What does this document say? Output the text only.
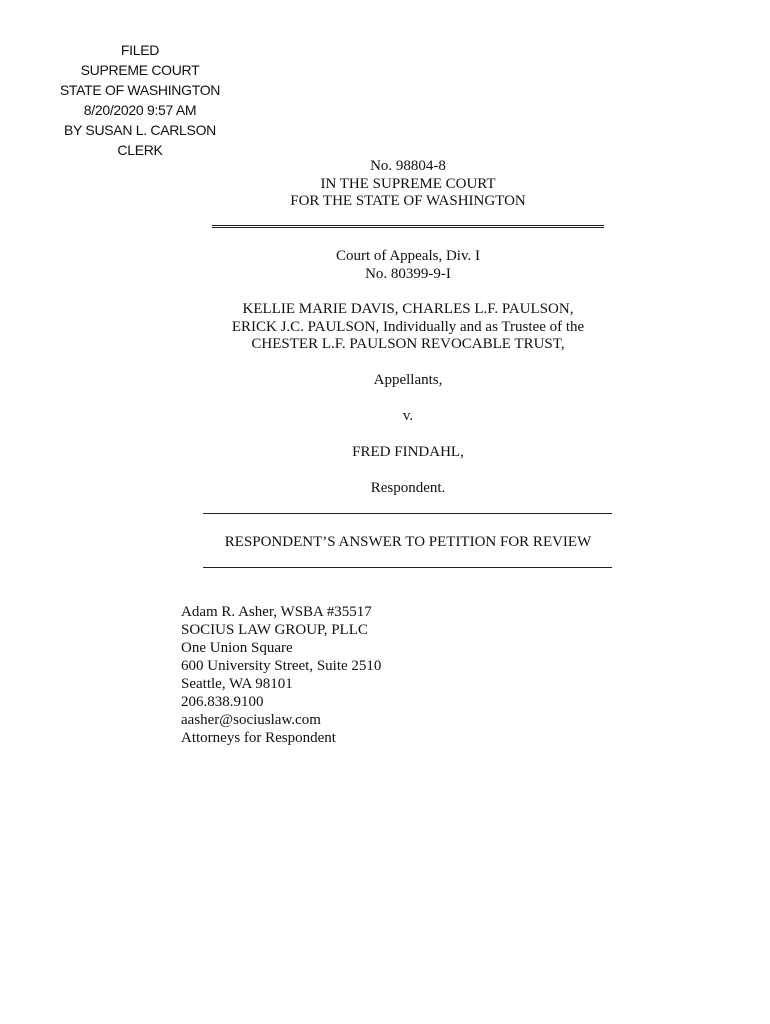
FILED
SUPREME COURT
STATE OF WASHINGTON
8/20/2020 9:57 AM
BY SUSAN L. CARLSON
CLERK
No. 98804-8
IN THE SUPREME COURT
FOR THE STATE OF WASHINGTON
Court of Appeals, Div. I
No. 80399-9-I
KELLIE MARIE DAVIS, CHARLES L.F. PAULSON,
ERICK J.C. PAULSON, Individually and as Trustee of the
CHESTER L.F. PAULSON REVOCABLE TRUST,
Appellants,
v.
FRED FINDAHL,
Respondent.
RESPONDENT’S ANSWER TO PETITION FOR REVIEW
Adam R. Asher, WSBA #35517
SOCIUS LAW GROUP, PLLC
One Union Square
600 University Street, Suite 2510
Seattle, WA 98101
206.838.9100
aasher@sociuslaw.com
Attorneys for Respondent
